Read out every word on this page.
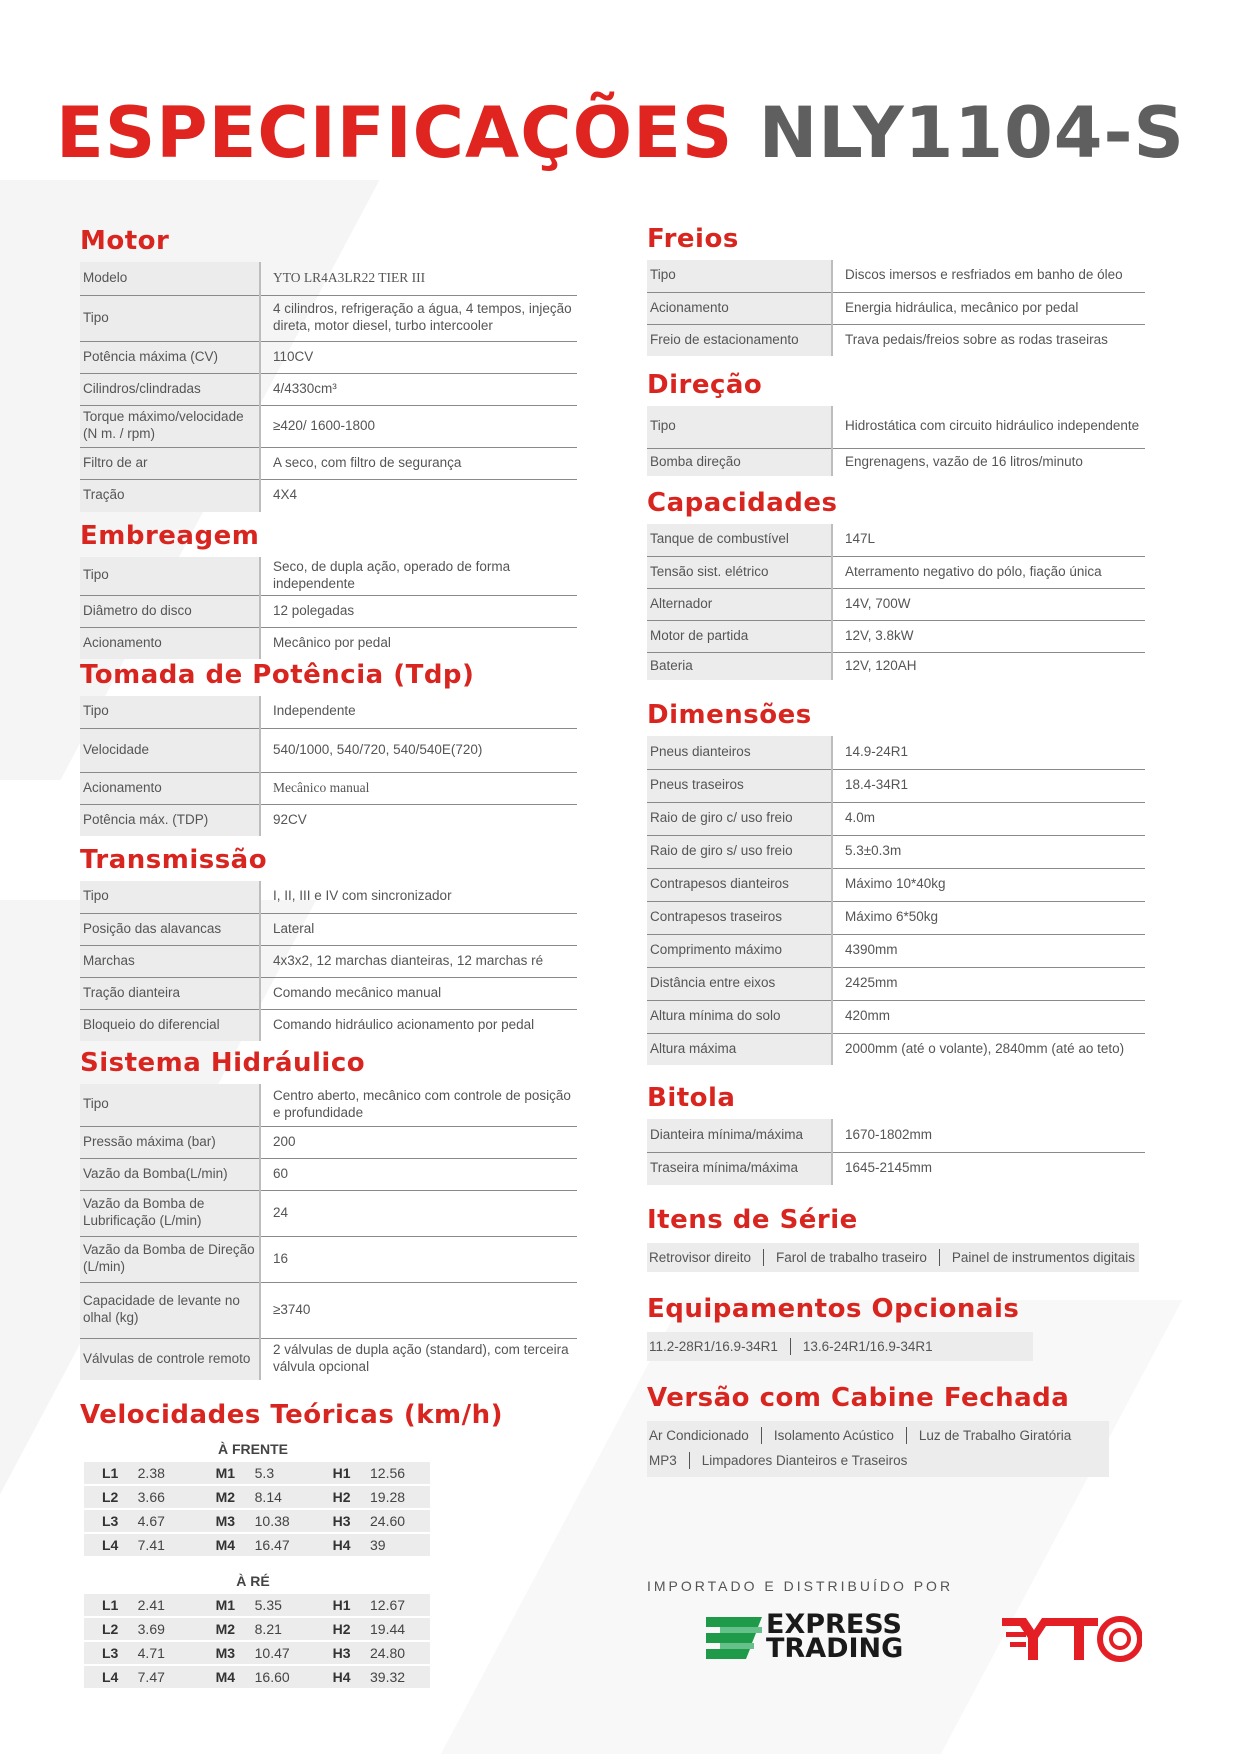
ESPECIFICAÇÕES NLY1104-S
Motor
Modelo	YTO LR4A3LR22 TIER III
Tipo	4 cilindros, refrigeração a água, 4 tempos, injeção direta, motor diesel, turbo intercooler
Potência máxima (CV)	110CV
Cilindros/clindradas	4/4330cm³
Torque máximo/velocidade (N m. / rpm)	≥420/ 1600-1800
Filtro de ar	A seco, com filtro de segurança
Tração	4X4
Embreagem
Tipo	Seco, de dupla ação, operado de forma independente
Diâmetro do disco	12 polegadas
Acionamento	Mecânico por pedal
Tomada de Potência (Tdp)
Tipo	Independente
Velocidade	540/1000, 540/720, 540/540E(720)
Acionamento	Mecânico manual
Potência máx. (TDP)	92CV
Transmissão
Tipo	I, II, III e IV com sincronizador
Posição das alavancas	Lateral
Marchas	4x3x2, 12 marchas dianteiras, 12 marchas ré
Tração dianteira	Comando mecânico manual
Bloqueio do diferencial	Comando hidráulico acionamento por pedal
Sistema Hidráulico
Tipo	Centro aberto, mecânico com controle de posição e profundidade
Pressão máxima (bar)	200
Vazão da Bomba(L/min)	60
Vazão da Bomba de Lubrificação (L/min)	24
Vazão da Bomba de Direção (L/min)	16
Capacidade de levante no olhal (kg)	≥3740
Válvulas de controle remoto	2 válvulas de dupla ação (standard), com terceira válvula opcional
Velocidades Teóricas (km/h)
À FRENTE
L1	2.38	M1	5.3	H1	12.56
L2	3.66	M2	8.14	H2	19.28
L3	4.67	M3	10.38	H3	24.60
L4	7.41	M4	16.47	H4	39
À RÉ
L1	2.41	M1	5.35	H1	12.67
L2	3.69	M2	8.21	H2	19.44
L3	4.71	M3	10.47	H3	24.80
L4	7.47	M4	16.60	H4	39.32
Freios
Tipo	Discos imersos e resfriados em banho de óleo
Acionamento	Energia hidráulica, mecânico por pedal
Freio de estacionamento	Trava pedais/freios sobre as rodas traseiras
Direção
Tipo	Hidrostática com circuito hidráulico independente
Bomba direção	Engrenagens, vazão de 16 litros/minuto
Capacidades
Tanque de combustível	147L
Tensão sist. elétrico	Aterramento negativo do pólo, fiação única
Alternador	14V, 700W
Motor de partida	12V, 3.8kW
Bateria	12V, 120AH
Dimensões
Pneus dianteiros	14.9-24R1
Pneus traseiros	18.4-34R1
Raio de giro c/ uso freio	4.0m
Raio de giro s/ uso freio	5.3±0.3m
Contrapesos dianteiros	Máximo 10*40kg
Contrapesos traseiros	Máximo 6*50kg
Comprimento máximo	4390mm
Distância entre eixos	2425mm
Altura mínima do solo	420mm
Altura máxima	2000mm (até o volante), 2840mm (até ao teto)
Bitola
Dianteira mínima/máxima	1670-1802mm
Traseira mínima/máxima	1645-2145mm
Itens de Série
Retrovisor direito Farol de trabalho traseiro Painel de instrumentos digitais
Equipamentos Opcionais
11.2-28R1/16.9-34R1 13.6-24R1/16.9-34R1
Versão com Cabine Fechada
Ar Condicionado Isolamento Acústico Luz de Trabalho Giratória
MP3 Limpadores Dianteiros e Traseiros
IMPORTADO E DISTRIBUÍDO POR
EXPRESS
TRADING
